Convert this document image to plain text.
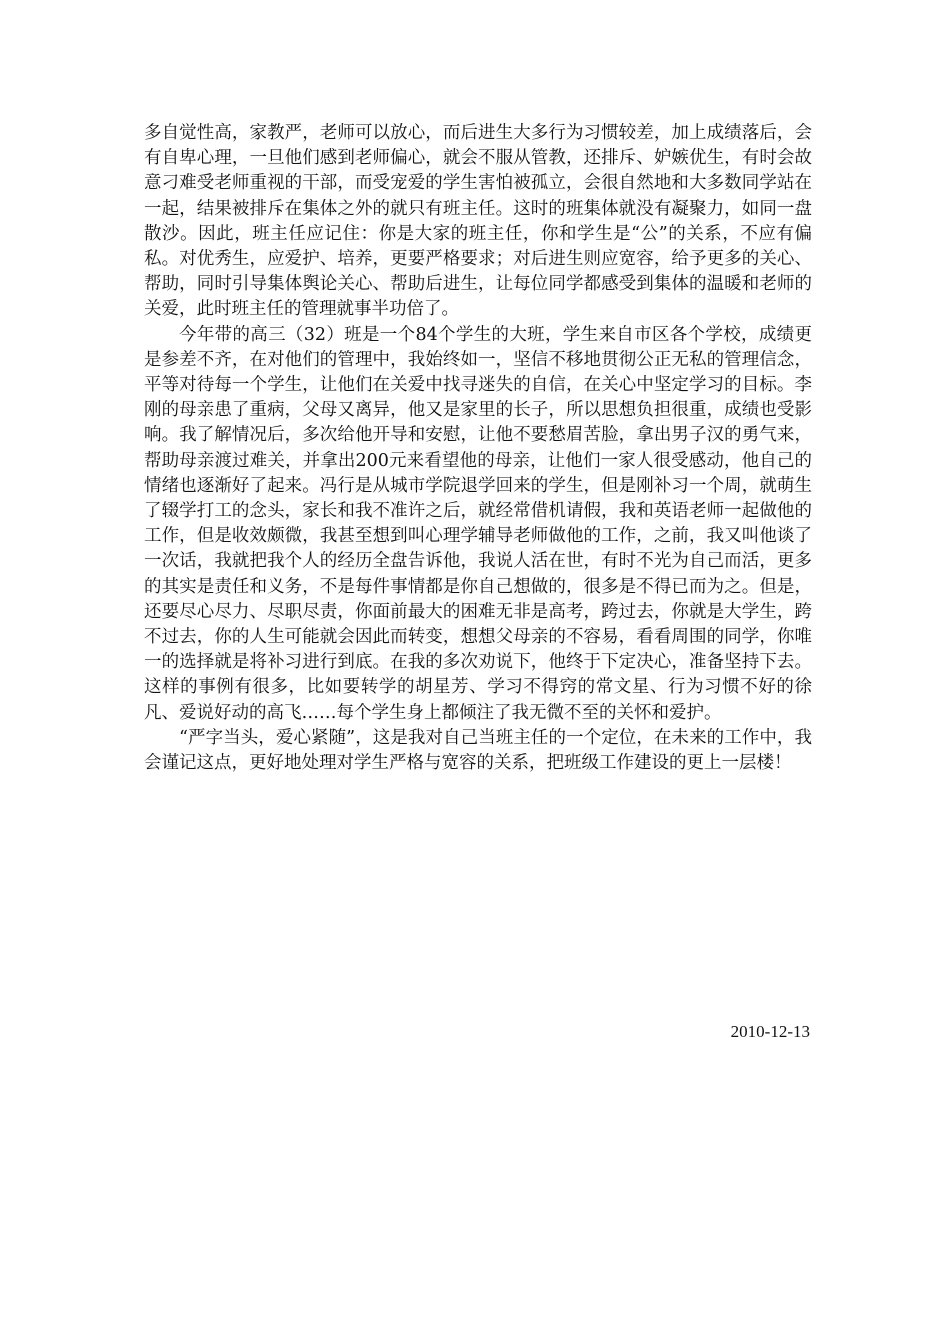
多自觉性高，家教严，老师可以放心，而后进生大多行为习惯较差，加上成绩落后，会有自卑心理，一旦他们感到老师偏心，就会不服从管教，还排斥、妒嫉优生，有时会故意刁难受老师重视的干部，而受宠爱的学生害怕被孤立，会很自然地和大多数同学站在一起，结果被排斥在集体之外的就只有班主任。这时的班集体就没有凝聚力，如同一盘散沙。因此，班主任应记住：你是大家的班主任，你和学生是“公”的关系，不应有偏私。对优秀生，应爱护、培养，更要严格要求；对后进生则应宽容，给予更多的关心、帮助，同时引导集体舆论关心、帮助后进生，让每位同学都感受到集体的温暖和老师的关爱，此时班主任的管理就事半功倍了。

今年带的高三（32）班是一个84个学生的大班，学生来自市区各个学校，成绩更是参差不齐，在对他们的管理中，我始终如一，坚信不移地贯彻公正无私的管理信念，平等对待每一个学生，让他们在关爱中找寻迷失的自信，在关心中坚定学习的目标。李刚的母亲患了重病，父母又离异，他又是家里的长子，所以思想负担很重，成绩也受影响。我了解情况后，多次给他开导和安慰，让他不要愁眉苦脸，拿出男子汉的勇气来，帮助母亲渡过难关，并拿出200元来看望他的母亲，让他们一家人很受感动，他自己的情绪也逐渐好了起来。冯行是从城市学院退学回来的学生，但是刚补习一个周，就萌生了辍学打工的念头，家长和我不准许之后，就经常借机请假，我和英语老师一起做他的工作，但是收效颇微，我甚至想到叫心理学辅导老师做他的工作，之前，我又叫他谈了一次话，我就把我个人的经历全盘告诉他，我说人活在世，有时不光为自己而活，更多的其实是责任和义务，不是每件事情都是你自己想做的，很多是不得已而为之。但是，还要尽心尽力、尽职尽责，你面前最大的困难无非是高考，跨过去，你就是大学生，跨不过去，你的人生可能就会因此而转变，想想父母亲的不容易，看看周围的同学，你唯一的选择就是将补习进行到底。在我的多次劝说下，他终于下定决心，准备坚持下去。这样的事例有很多，比如要转学的胡星芳、学习不得窍的常文星、行为习惯不好的徐凡、爱说好动的高飞……每个学生身上都倾注了我无微不至的关怀和爱护。

“严字当头，爱心紧随”，这是我对自己当班主任的一个定位，在未来的工作中，我会谨记这点，更好地处理对学生严格与宽容的关系，把班级工作建设的更上一层楼！

2010-12-13
